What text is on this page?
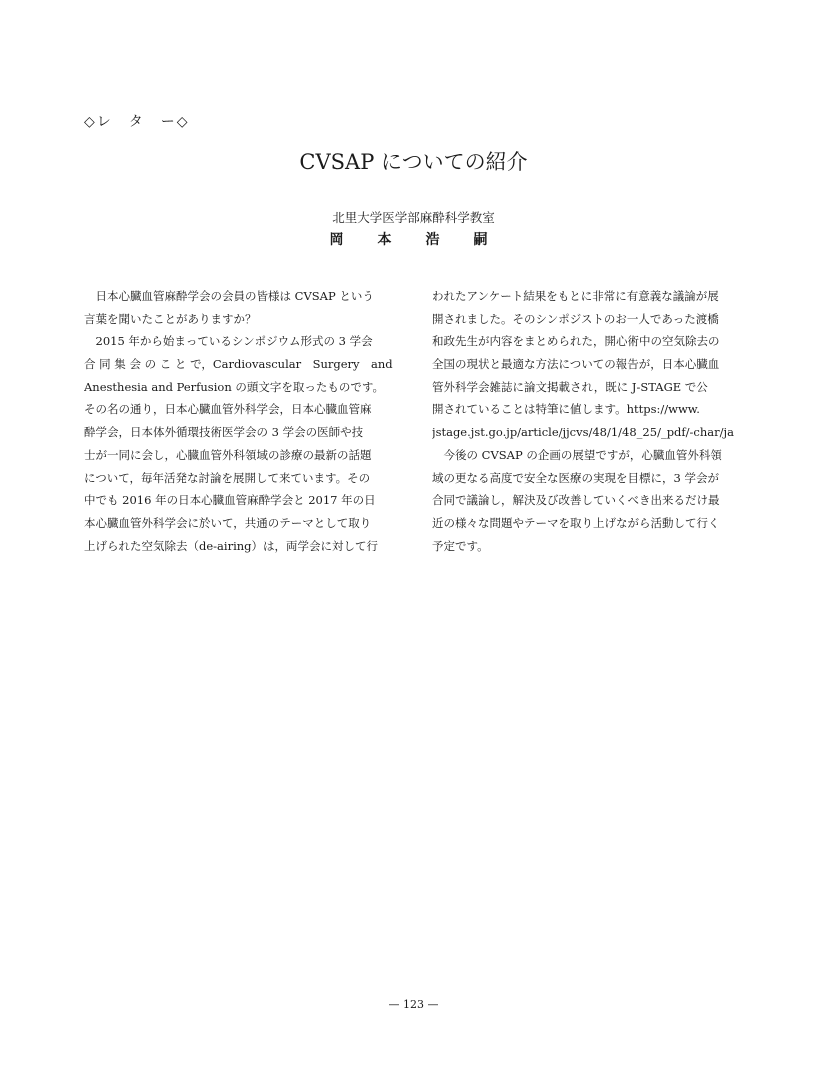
◇レ　タ　ー◇
CVSAP についての紹介
北里大学医学部麻酔科学教室
岡　本　浩　嗣
　日本心臓血管麻酔学会の会員の皆様は CVSAP という
言葉を聞いたことがありますか？
　2015 年から始まっているシンポジウム形式の 3 学会
合 同 集 会 の こ と で，Cardiovascular　Surgery　and
Anesthesia and Perfusion の頭文字を取ったものです。
その名の通り，日本心臓血管外科学会，日本心臓血管麻
酔学会，日本体外循環技術医学会の 3 学会の医師や技
士が一同に会し，心臓血管外科領域の診療の最新の話題
について，毎年活発な討論を展開して来ています。その
中でも 2016 年の日本心臓血管麻酔学会と 2017 年の日
本心臓血管外科学会に於いて，共通のテーマとして取り
上げられた空気除去（de-airing）は，両学会に対して行
われたアンケート結果をもとに非常に有意義な議論が展
開されました。そのシンポジストのお一人であった渡橋
和政先生が内容をまとめられた，開心術中の空気除去の
全国の現状と最適な方法についての報告が，日本心臓血
管外科学会雑誌に論文掲載され，既に J-STAGE で公
開されていることは特筆に値します。https://www.
jstage.jst.go.jp/article/jjcvs/48/1/48_25/_pdf/-char/ja
　今後の CVSAP の企画の展望ですが，心臓血管外科領
域の更なる高度で安全な医療の実現を目標に，3 学会が
合同で議論し，解決及び改善していくべき出来るだけ最
近の様々な問題やテーマを取り上げながら活動して行く
予定です。
— 123 —
